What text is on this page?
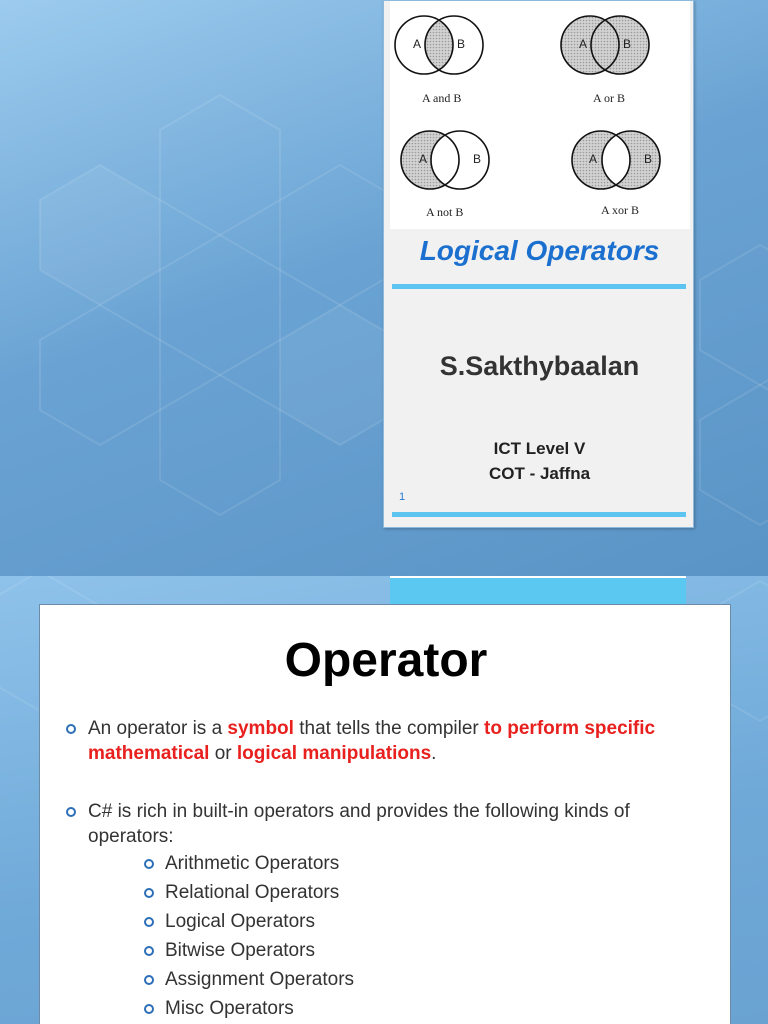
A	B
A and B
A	B
A or B
A	B
A not B
A	B
A xor B
Logical Operators
S.Sakthybaalan
ICT Level V
COT - Jaffna
1
Operator
An operator is a symbol that tells the compiler to perform specific mathematical or logical manipulations.
C# is rich in built-in operators and provides the following kinds of operators:
Arithmetic Operators
Relational Operators
Logical Operators
Bitwise Operators
Assignment Operators
Misc Operators
